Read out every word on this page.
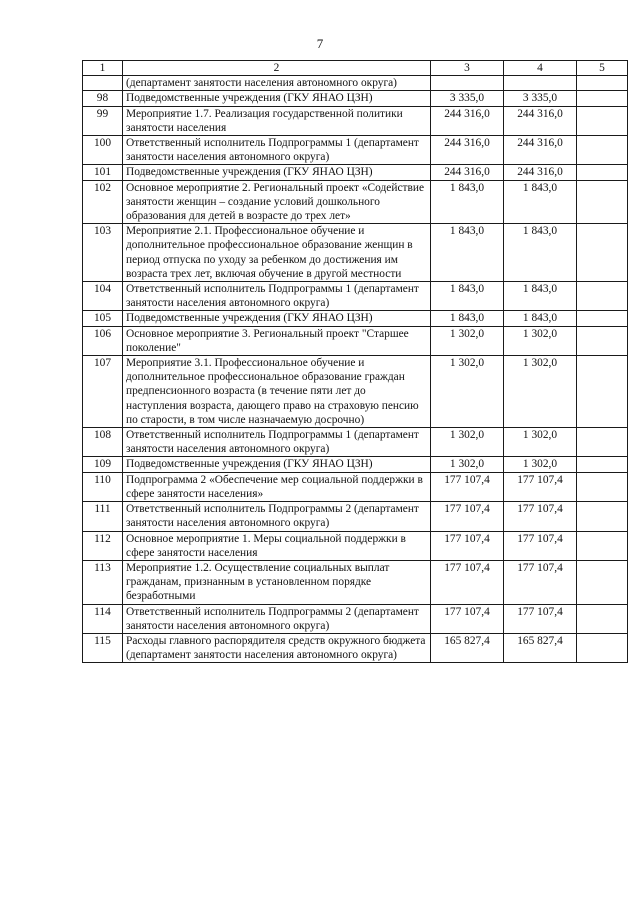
7
1	2	3	4	5
	(департамент занятости населения автономного округа)			
98	Подведомственные учреждения (ГКУ ЯНАО ЦЗН)	3 335,0	3 335,0	
99	Мероприятие 1.7. Реализация государственной политики занятости населения	244 316,0	244 316,0	
100	Ответственный исполнитель Подпрограммы 1 (департамент занятости населения автономного округа)	244 316,0	244 316,0	
101	Подведомственные учреждения (ГКУ ЯНАО ЦЗН)	244 316,0	244 316,0	
102	Основное мероприятие 2. Региональный проект «Содействие занятости женщин – создание условий дошкольного образования для детей в возрасте до трех лет»	1 843,0	1 843,0	
103	Мероприятие 2.1. Профессиональное обучение и дополнительное профессиональное образование женщин в период отпуска по уходу за ребенком до достижения им возраста трех лет, включая обучение в другой местности	1 843,0	1 843,0	
104	Ответственный исполнитель Подпрограммы 1 (департамент занятости населения автономного округа)	1 843,0	1 843,0	
105	Подведомственные учреждения (ГКУ ЯНАО ЦЗН)	1 843,0	1 843,0	
106	Основное мероприятие 3. Региональный проект "Старшее поколение"	1 302,0	1 302,0	
107	Мероприятие 3.1. Профессиональное обучение и дополнительное профессиональное образование граждан предпенсионного возраста (в течение пяти лет до наступления возраста, дающего право на страховую пенсию по старости, в том числе назначаемую досрочно)	1 302,0	1 302,0	
108	Ответственный исполнитель Подпрограммы 1 (департамент занятости населения автономного округа)	1 302,0	1 302,0	
109	Подведомственные учреждения (ГКУ ЯНАО ЦЗН)	1 302,0	1 302,0	
110	Подпрограмма 2 «Обеспечение мер социальной поддержки в сфере занятости населения»	177 107,4	177 107,4	
111	Ответственный исполнитель Подпрограммы 2 (департамент занятости населения автономного округа)	177 107,4	177 107,4	
112	Основное мероприятие 1. Меры социальной поддержки в сфере занятости населения	177 107,4	177 107,4	
113	Мероприятие 1.2. Осуществление социальных выплат гражданам, признанным в установленном порядке безработными	177 107,4	177 107,4	
114	Ответственный исполнитель Подпрограммы 2 (департамент занятости населения автономного округа)	177 107,4	177 107,4	
115	Расходы главного распорядителя средств окружного бюджета (департамент занятости населения автономного округа)	165 827,4	165 827,4	
